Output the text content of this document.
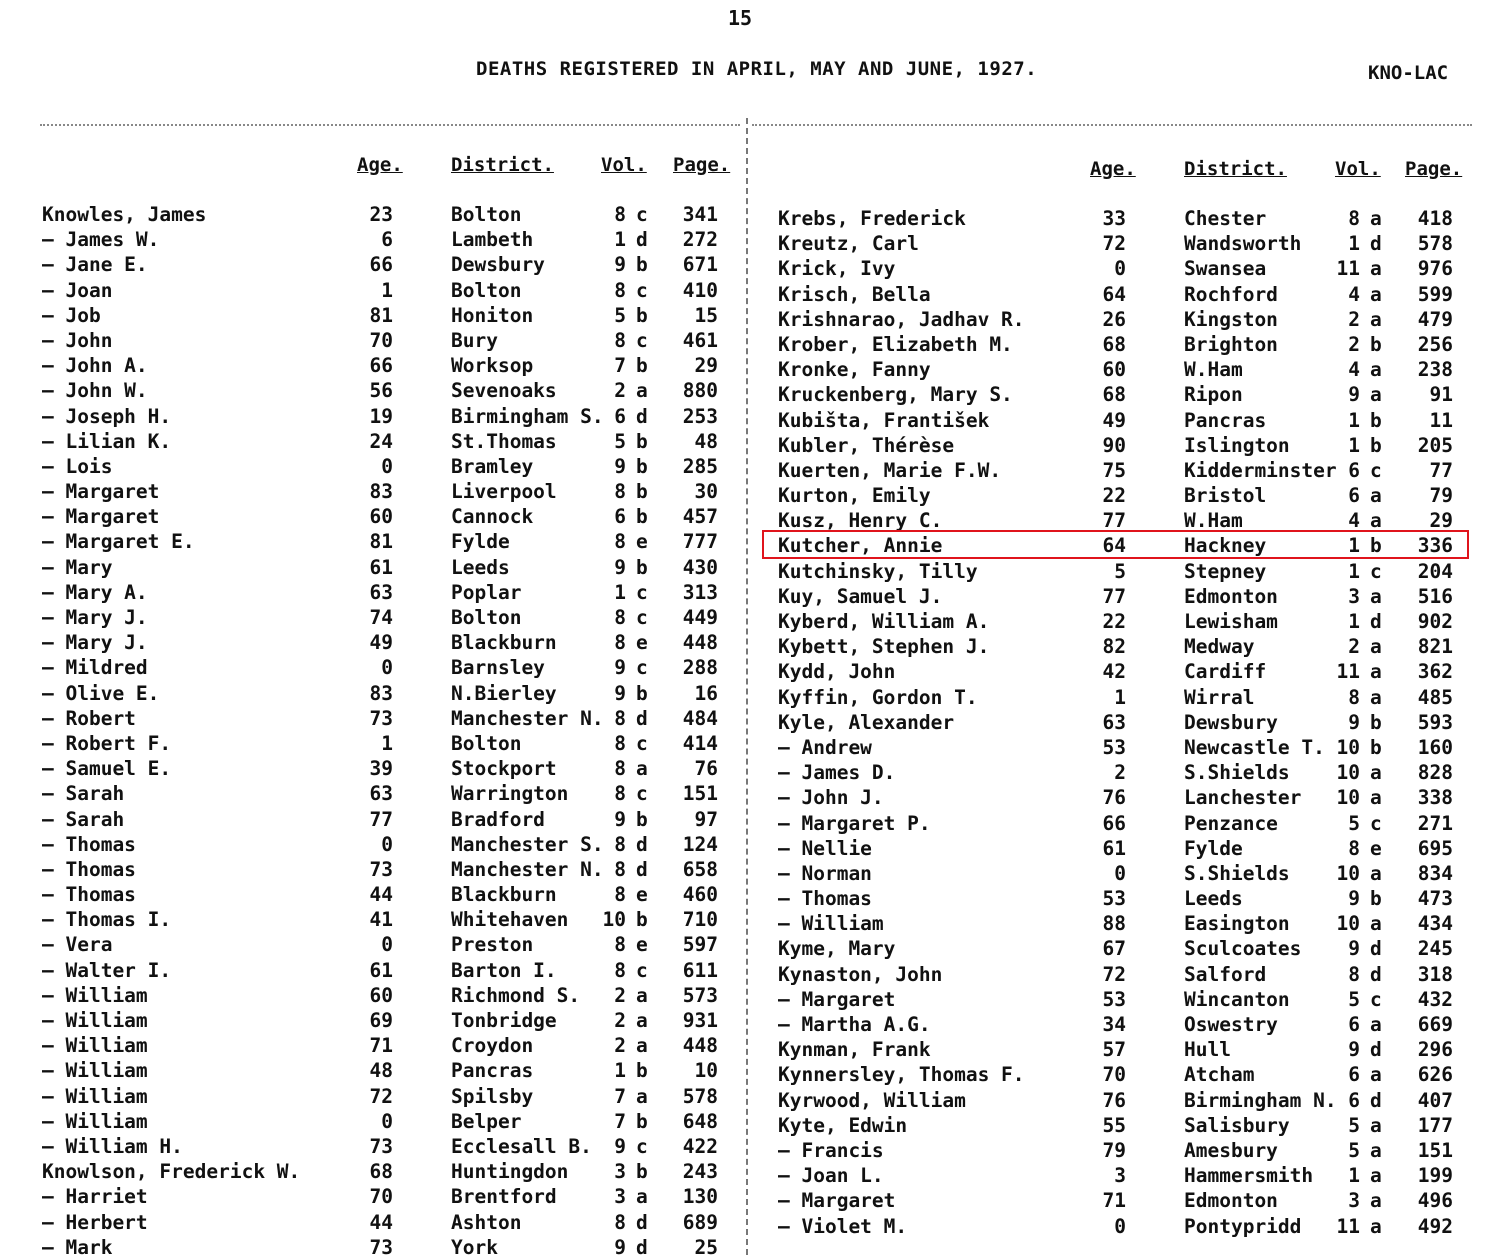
15
DEATHS REGISTERED IN APRIL, MAY AND JUNE, 1927.	KNO-LAC
Age.	District. Vol. Page.
Knowles, James	23	Bolton	8 c	341
— James W.	6	Lambeth	1 d	272
— Jane E.	66	Dewsbury	9 b	671
— Joan	1	Bolton	8 c	410
— Job	81	Honiton	5 b	15
— John	70	Bury	8 c	461
— John A.	66	Worksop	7 b	29
— John W.	56	Sevenoaks	2 a	880
— Joseph H.	19	Birmingham S. 6 d	253
— Lilian K.	24	St.Thomas	5 b	48
— Lois	0	Bramley	9 b	285
— Margaret	83	Liverpool	8 b	30
— Margaret	60	Cannock	6 b	457
— Margaret E.	81	Fylde	8 e	777
— Mary	61	Leeds	9 b	430
— Mary A.	63	Poplar	1 c	313
— Mary J.	74	Bolton	8 c	449
— Mary J.	49	Blackburn	8 e	448
— Mildred	0	Barnsley	9 c	288
— Olive E.	83	N.Bierley	9 b	16
— Robert	73	Manchester N. 8 d	484
— Robert F.	1	Bolton	8 c	414
— Samuel E.	39	Stockport	8 a	76
— Sarah	63	Warrington	8 c	151
— Sarah	77	Bradford	9 b	97
— Thomas	0	Manchester S. 8 d	124
— Thomas	73	Manchester N. 8 d	658
— Thomas	44	Blackburn	8 e	460
— Thomas I.	41	Whitehaven	10 b	710
— Vera	0	Preston	8 e	597
— Walter I.	61	Barton I.	8 c	611
— William	60	Richmond S.	2 a	573
— William	69	Tonbridge	2 a	931
— William	71	Croydon	2 a	448
— William	48	Pancras	1 b	10
— William	72	Spilsby	7 a	578
— William	0	Belper	7 b	648
— William H.	73	Ecclesall B.	9 c	422
Knowlson, Frederick W.	68	Huntingdon	3 b	243
— Harriet	70	Brentford	3 a	130
— Herbert	44	Ashton	8 d	689
— Mark	73	York	9 d	25
Age.	District.	Vol. Page.
Krebs, Frederick	33	Chester	8 a	418
Kreutz, Carl	72	Wandsworth	1 d	578
Krick, Ivy	0	Swansea	11 a	976
Krisch, Bella	64	Rochford	4 a	599
Krishnarao, Jadhav R.	26	Kingston	2 a	479
Krober, Elizabeth M.	68	Brighton	2 b	256
Kronke, Fanny	60	W.Ham	4 a	238
Kruckenberg, Mary S.	68	Ripon	9 a	91
Kubišta, František	49	Pancras	1 b	11
Kubler, Thérèse	90	Islington	1 b	205
Kuerten, Marie F.W.	75	Kidderminster 6 c	77
Kurton, Emily	22	Bristol	6 a	79
Kusz, Henry C.	77	W.Ham	4 a	29
Kutcher, Annie	64	Hackney	1 b	336
Kutchinsky, Tilly	5	Stepney	1 c	204
Kuy, Samuel J.	77	Edmonton	3 a	516
Kyberd, William A.	22	Lewisham	1 d	902
Kybett, Stephen J.	82	Medway	2 a	821
Kydd, John	42	Cardiff	11 a	362
Kyffin, Gordon T.	1	Wirral	8 a	485
Kyle, Alexander	63	Dewsbury	9 b	593
— Andrew	53	Newcastle T. 10 b	160
— James D.	2	S.Shields	10 a	828
— John J.	76	Lanchester	10 a	338
— Margaret P.	66	Penzance	5 c	271
— Nellie	61	Fylde	8 e	695
— Norman	0	S.Shields	10 a	834
— Thomas	53	Leeds	9 b	473
— William	88	Easington	10 a	434
Kyme, Mary	67	Sculcoates	9 d	245
Kynaston, John	72	Salford	8 d	318
— Margaret	53	Wincanton	5 c	432
— Martha A.G.	34	Oswestry	6 a	669
Kynman, Frank	57	Hull	9 d	296
Kynnersley, Thomas F.	70	Atcham	6 a	626
Kyrwood, William	76	Birmingham N. 6 d	407
Kyte, Edwin	55	Salisbury	5 a	177
— Francis	79	Amesbury	5 a	151
— Joan L.	3	Hammersmith	1 a	199
— Margaret	71	Edmonton	3 a	496
— Violet M.	0	Pontypridd	11 a	492
